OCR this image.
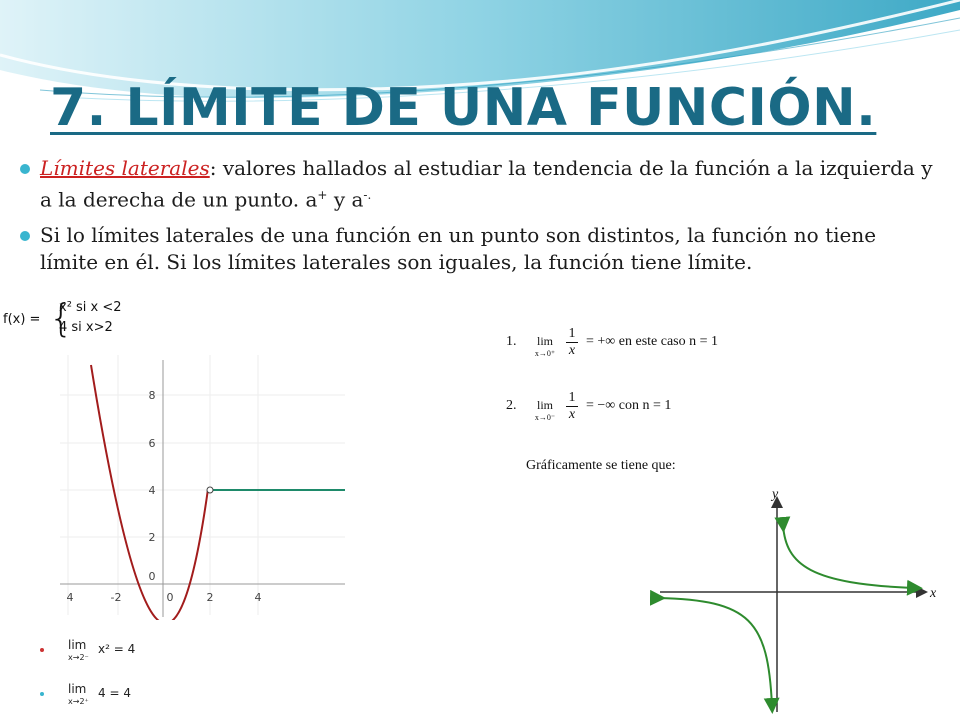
7. LÍMITE DE UNA FUNCIÓN.
Límites laterales: valores hallados al estudiar la tendencia de la función a la izquierda y a la derecha de un punto. a+ y a-.
Si lo límites laterales de una función en un punto son distintos, la función no tiene límite en él. Si los límites laterales son iguales, la función tiene límite.
f(x) = {
x² si x <2
4 si x>2
4	-2	0	2	4
8
6
4
2
0
lim
x→2⁻
x² = 4
lim
x→2⁺
4 = 4
1.	lim
$x\to 0^+ \frac{1}{x}$ = +∞ en este caso n = 1
2.	lim
$x\to 0^- \frac{1}{x}$ = −∞ con n = 1
Gráficamente se tiene que:
x
y
